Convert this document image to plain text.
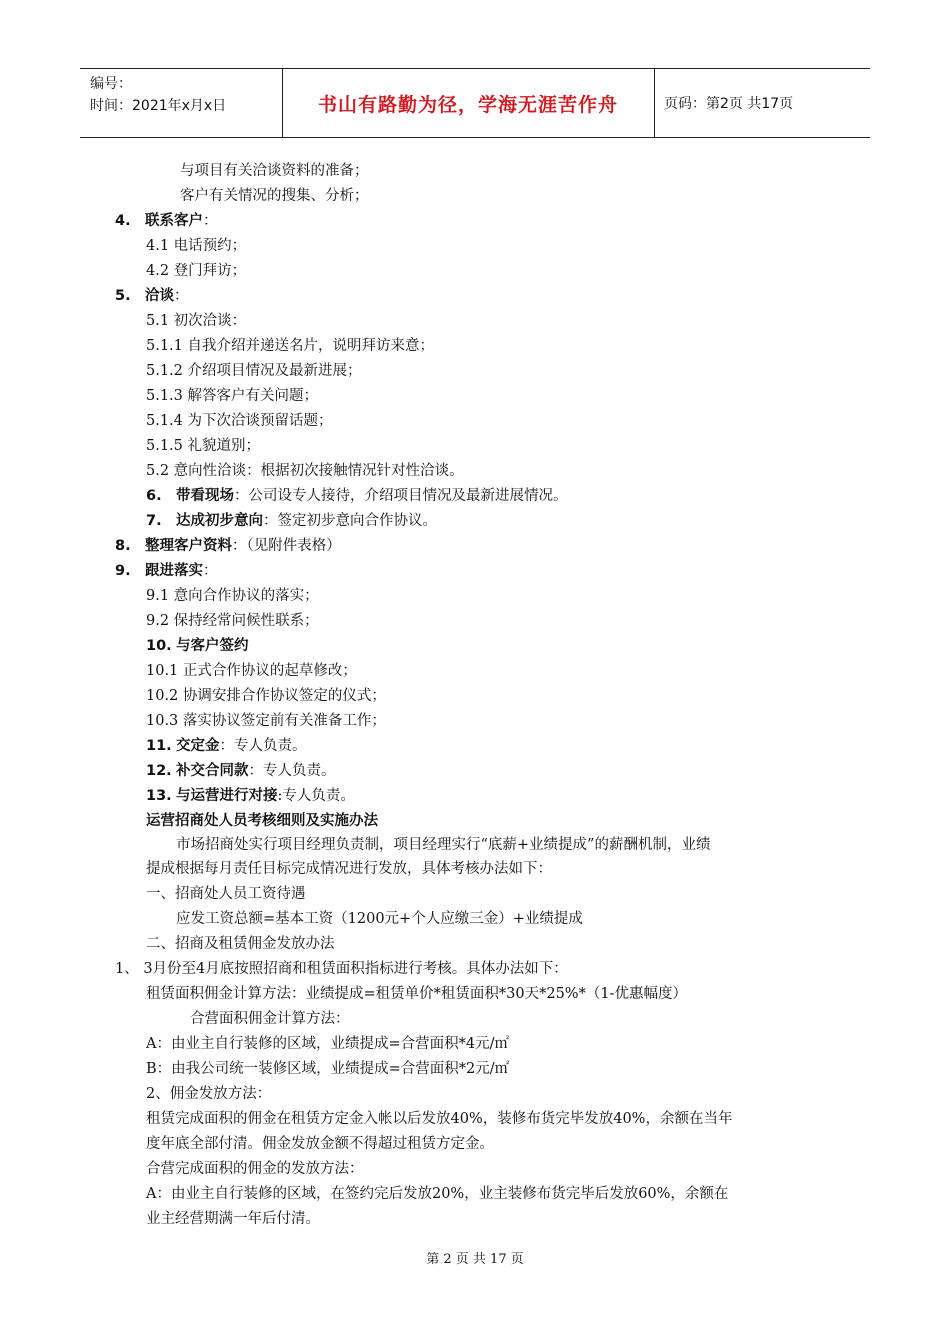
编号：
时间：2021年x月x日	书山有路勤为径，学海无涯苦作舟	页码：第2页 共17页
与项目有关洽谈资料的准备；
客户有关情况的搜集、分析；
4. 联系客户：
4.1 电话预约；
4.2 登门拜访；
5. 洽谈：
5.1 初次洽谈：
5.1.1 自我介绍并递送名片，说明拜访来意；
5.1.2 介绍项目情况及最新进展；
5.1.3 解答客户有关问题；
5.1.4 为下次洽谈预留话题；
5.1.5 礼貌道别；
5.2 意向性洽谈：根据初次接触情况针对性洽谈。
6. 带看现场：公司设专人接待，介绍项目情况及最新进展情况。
7. 达成初步意向：签定初步意向合作协议。
8. 整理客户资料：（见附件表格）
9. 跟进落实：
9.1 意向合作协议的落实；
9.2 保持经常问候性联系；
10. 与客户签约
10.1 正式合作协议的起草修改；
10.2 协调安排合作协议签定的仪式；
10.3 落实协议签定前有关准备工作；
11. 交定金：专人负责。
12. 补交合同款：专人负责。
13. 与运营进行对接:专人负责。
运营招商处人员考核细则及实施办法
市场招商处实行项目经理负责制，项目经理实行“底薪+业绩提成”的薪酬机制，业绩
提成根据每月责任目标完成情况进行发放，具体考核办法如下：
一、招商处人员工资待遇
应发工资总额=基本工资（1200元+个人应缴三金）+业绩提成
二、招商及租赁佣金发放办法
1、 3月份至4月底按照招商和租赁面积指标进行考核。具体办法如下：
租赁面积佣金计算方法：业绩提成=租赁单价*租赁面积*30天*25%*（1-优惠幅度）
合营面积佣金计算方法：
A：由业主自行装修的区域，业绩提成=合营面积*4元/㎡
B：由我公司统一装修区域，业绩提成=合营面积*2元/㎡
2、佣金发放方法：
租赁完成面积的佣金在租赁方定金入帐以后发放40%，装修布货完毕发放40%，余额在当年
度年底全部付清。佣金发放金额不得超过租赁方定金。
合营完成面积的佣金的发放方法：
A：由业主自行装修的区域，在签约完后发放20%，业主装修布货完毕后发放60%，余额在
业主经营期满一年后付清。
第 2 页 共 17 页
